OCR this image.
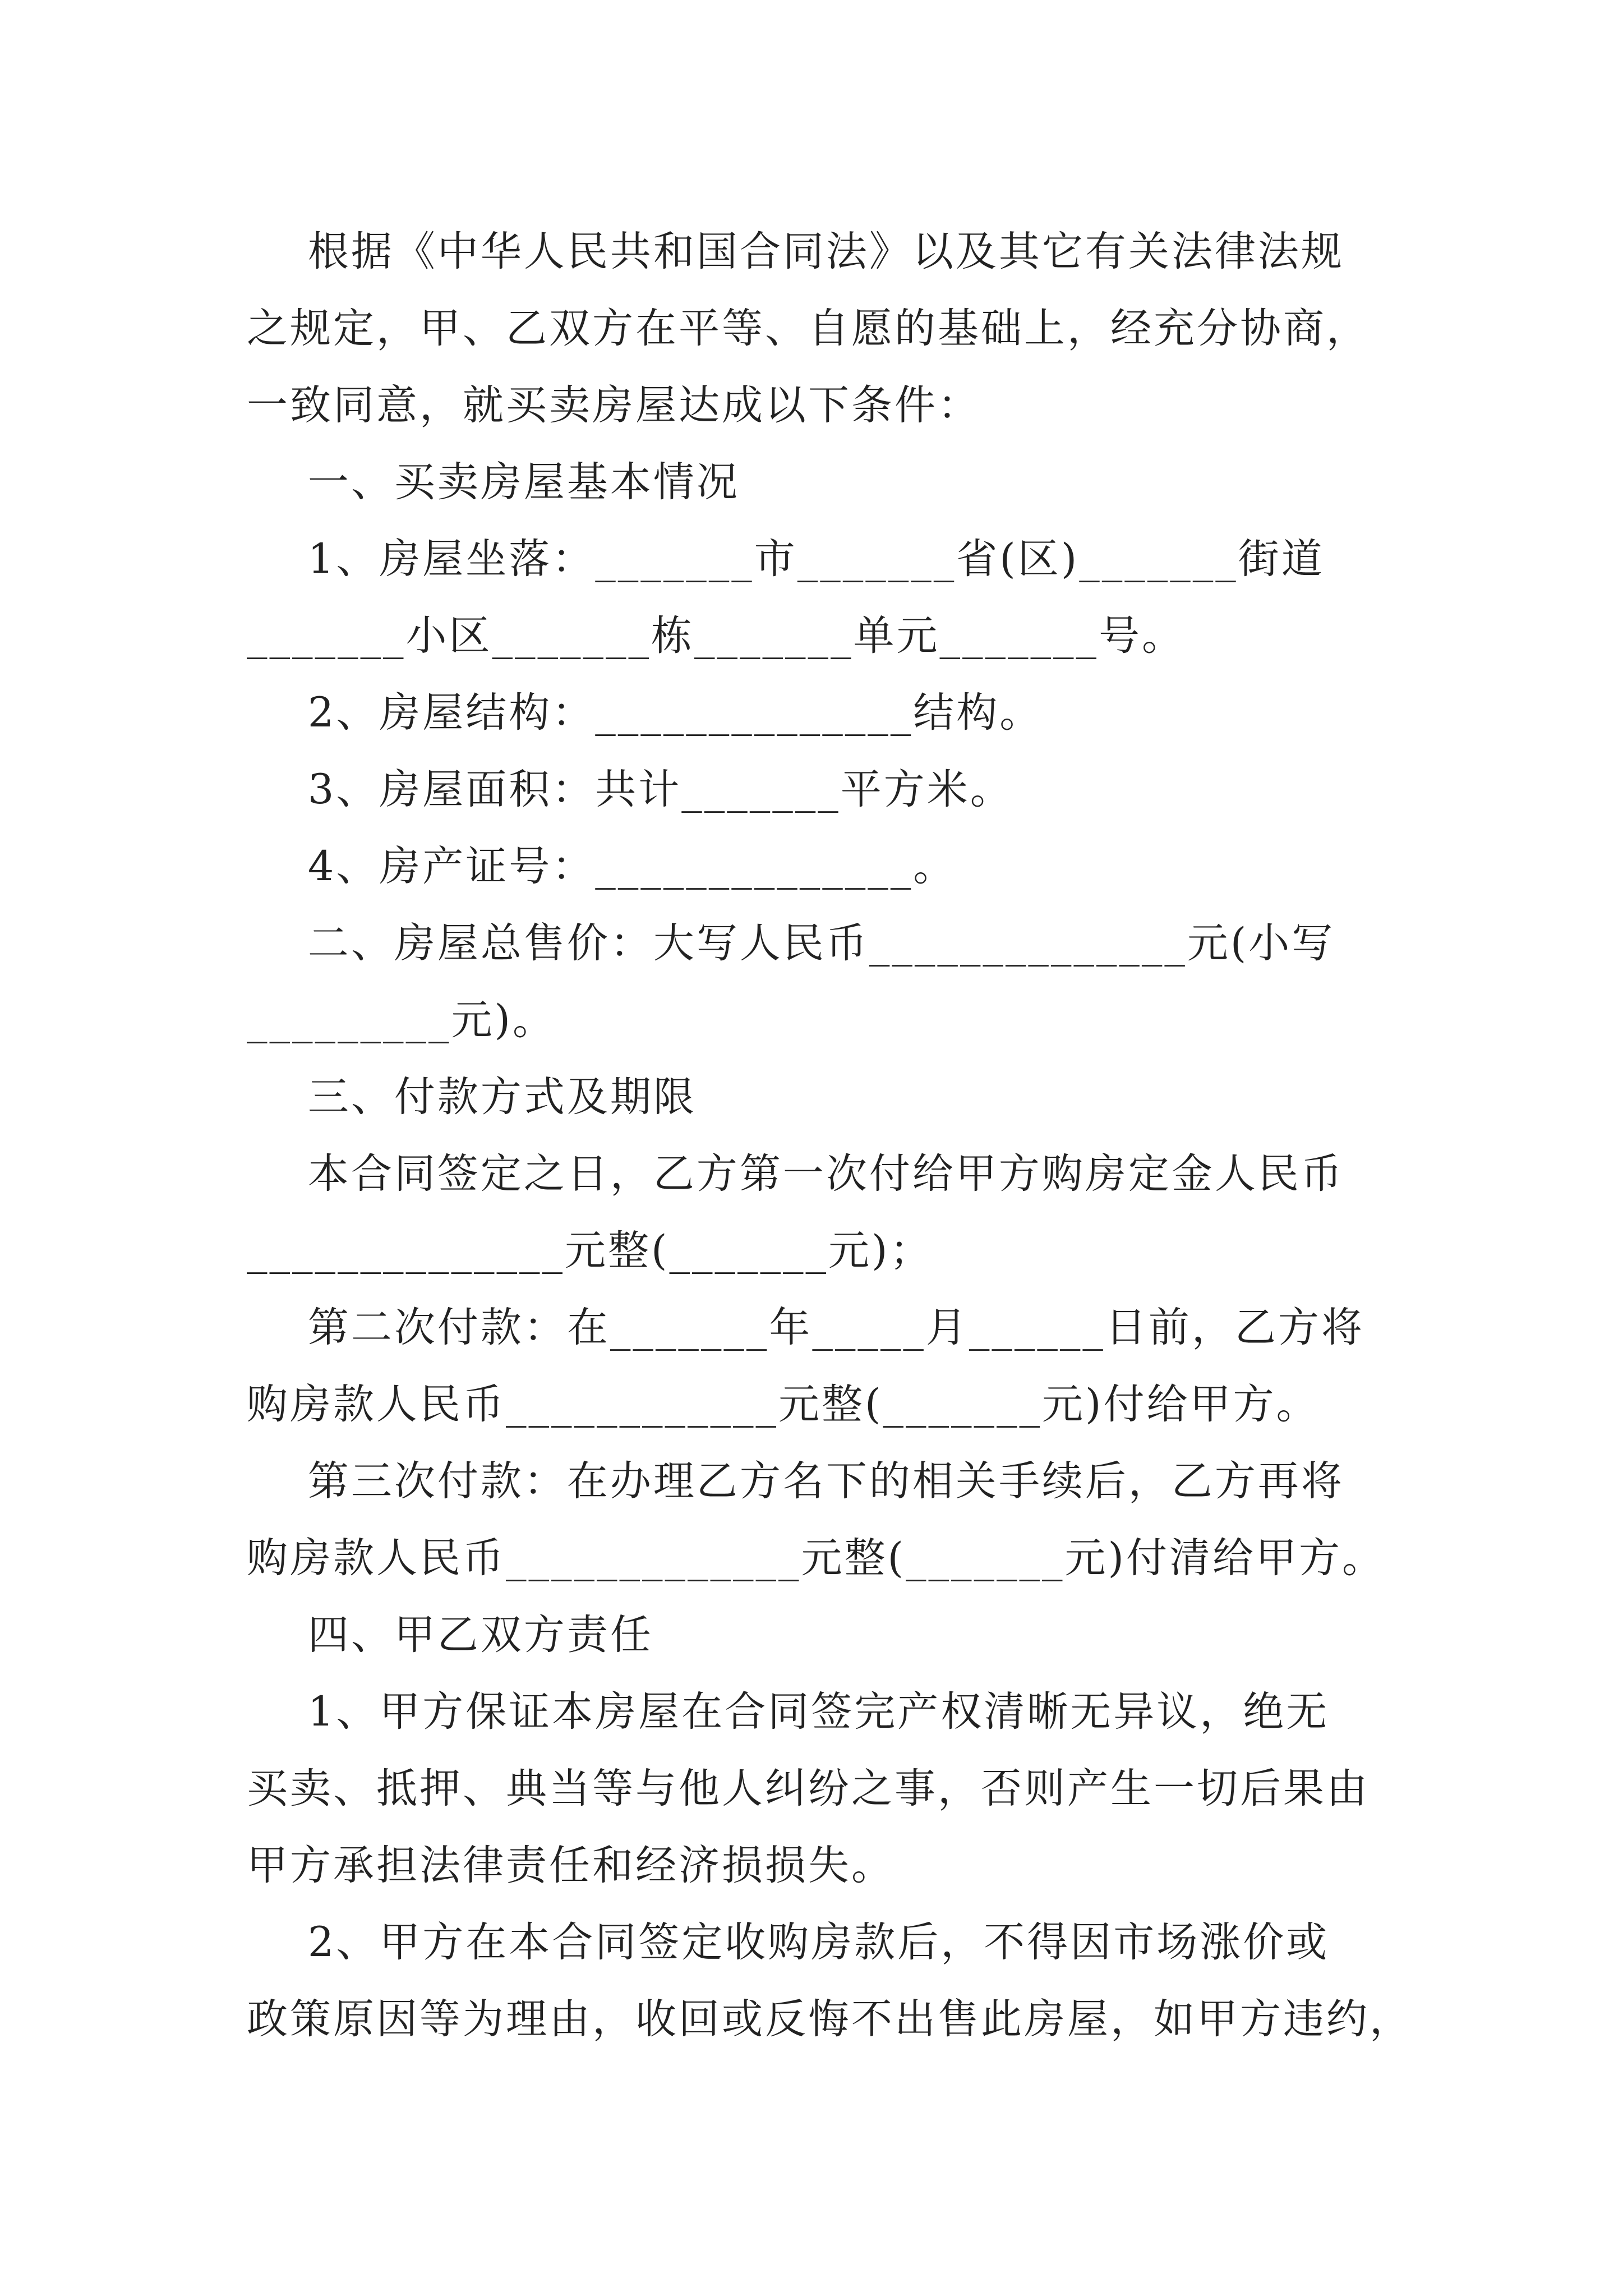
根据《中华人民共和国合同法》以及其它有关法律法规
之规定，甲、乙双方在平等、自愿的基础上，经充分协商，
一致同意，就买卖房屋达成以下条件：
一、买卖房屋基本情况
1、房屋坐落：_______市_______省(区)_______街道
_______小区_______栋_______单元_______号。
2、房屋结构：______________结构。
3、房屋面积：共计_______平方米。
4、房产证号：______________。
二、房屋总售价：大写人民币______________元(小写
_________元)。
三、付款方式及期限
本合同签定之日，乙方第一次付给甲方购房定金人民币
______________元整(_______元)；
第二次付款：在_______年_____月______日前，乙方将
购房款人民币____________元整(_______元)付给甲方。
第三次付款：在办理乙方名下的相关手续后，乙方再将
购房款人民币_____________元整(_______元)付清给甲方。
四、甲乙双方责任
1、甲方保证本房屋在合同签完产权清晰无异议，绝无
买卖、抵押、典当等与他人纠纷之事，否则产生一切后果由
甲方承担法律责任和经济损损失。
2、甲方在本合同签定收购房款后，不得因市场涨价或
政策原因等为理由，收回或反悔不出售此房屋，如甲方违约，
